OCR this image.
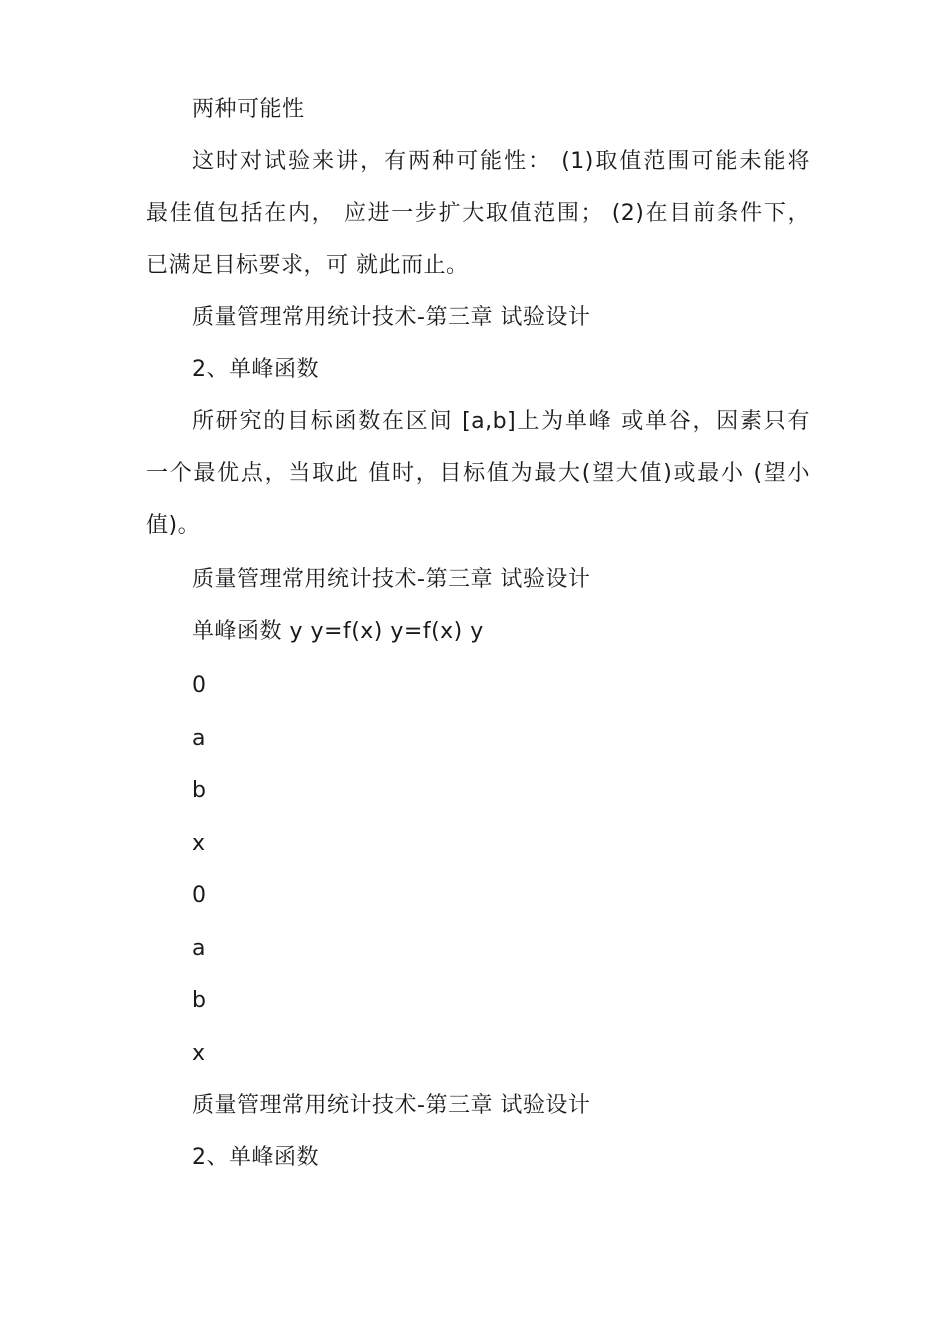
两种可能性
这时对试验来讲，有两种可能性： (1)取值范围可能未能将
最佳值包括在内， 应进一步扩大取值范围； (2)在目前条件下，
已满足目标要求，可 就此而止。
质量管理常用统计技术-第三章 试验设计
2、单峰函数
所研究的目标函数在区间 [a,b]上为单峰 或单谷，因素只有
一个最优点，当取此 值时，目标值为最大(望大值)或最小 (望小
值)。
质量管理常用统计技术-第三章 试验设计
单峰函数 y y=f(x) y=f(x) y
0
a
b
x
0
a
b
x
质量管理常用统计技术-第三章 试验设计
2、单峰函数
